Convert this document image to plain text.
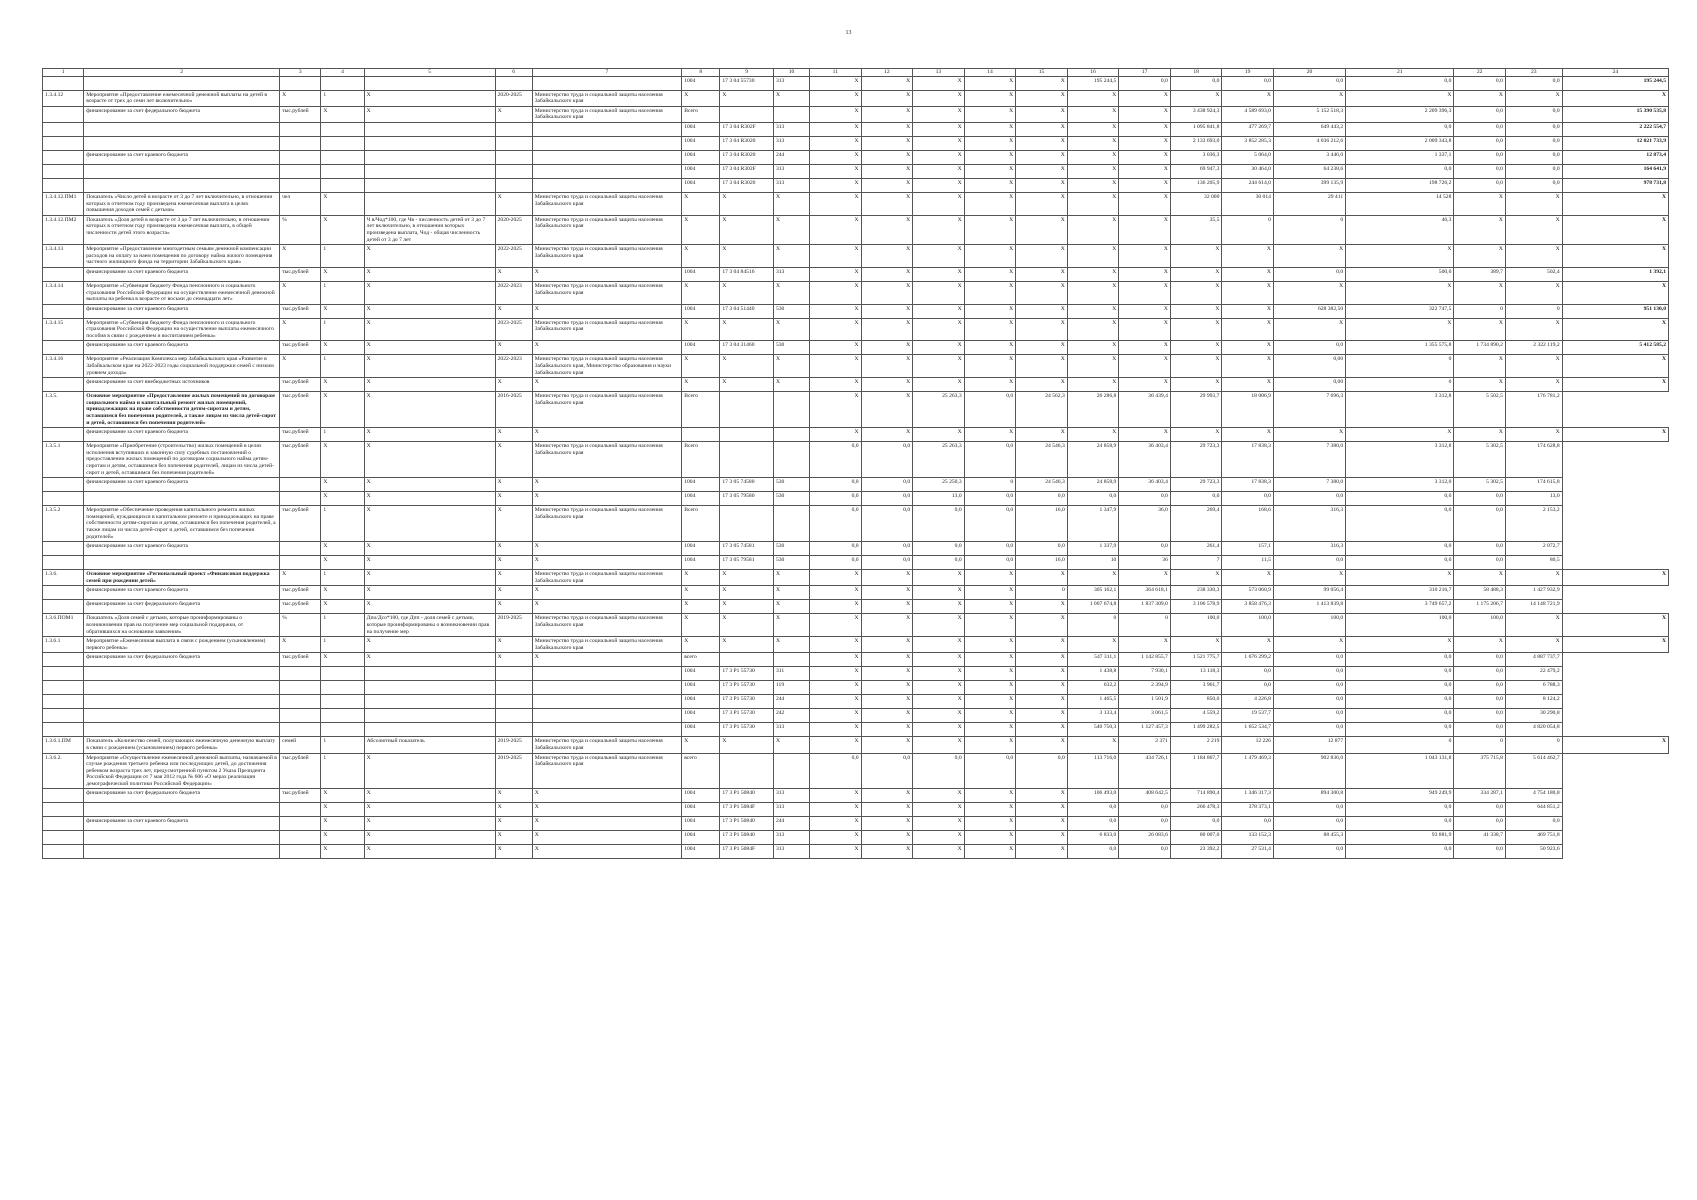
13
1	2	3	4	5	6	7	8	9	10	11	12	13	14	15	16	17	18	19	20	21	22	23	24
							1004	17 3 04 55730	313	X	X	X	X	X	195 244,5	0,0	0,0	0,0	0,0	0,0	0,0	0,0	195 244,5
1.3.4.12	Мероприятие «Предоставление ежемесячной денежной выплаты на детей в возрасте от трех до семи лет включительно»	X	1	X	2020-2025	Министерство труда и социальной защиты населения Забайкальского края	X	X	X	X	X	X	X	X	X	X	X	X	X	X	X	X	X
	финансирование за счет федерального бюджета	тыс.рублей	X	X	X	Министерство труда и социальной защиты населения Забайкальского края	Всего			X	X	X	X	X	X	X	3 438 924,3	4 589 693,0	5 152 518,3	2 209 396,3	0,0	0,0	15 390 535,8
							1004	17 3 04 R302F	313	X	X	X	X	X	X	X	1 095 841,8	477 269,7	649 443,2	0,0	0,0	0,0	2 222 554,7
							1004	17 3 04 R3020	313	X	X	X	X	X	X	X	2 133 693,0	3 852 285,3	4 036 212,6	2 009 343,8	0,0	0,0	12 021 733,9
	финансирование за счет краевого бюджета						1004	17 3 04 R3020	244	X	X	X	X	X	X	X	3 036,3	5 064,0	3 446,0	1 337,1	0,0	0,0	12 873,4
							1004	17 3 04 R302F	313	X	X	X	X	X	X	X	69 947,3	30 464,0	64 238,6	0,0	0,0	0,0	164 641,9
							1004	17 3 04 R3020	313	X	X	X	X	X	X	X	136 205,9	244 614,0	399 135,9	198 726,2	0,0	0,0	978 731,8
1.3.4.12.ПМ1	Показатель «Число детей в возрасте от 3 до 7 лет включительно, в отношении которых в отчетном году произведена ежемесячная выплата в целях повышения доходов семей с детьми»	чел	X		X	Министерство труда и социальной защиты населения Забайкальского края	X	X	X	X	X	X	X	X	X	X	32 000	30 014	29 411	14 528	X	X	X
1.3.4.12.ПМ2	Показатель «Доля детей в возрасте от 3 до 7 лет включительно, в отношении которых в отчетном году произведена ежемесячная выплата, в общей численности детей этого возраста»	%	X	Ч в/Чод*100, где Чв - численность детей от 3 до 7 лет включительно, в отношении которых произведена выплата, Чод - общая численность детей от 3 до 7 лет	2020-2025	Министерство труда и социальной защиты населения Забайкальского края	X	X	X	X	X	X	X	X	X	X	35,5	0	0	46,3	X	X	X
1.3.4.13	Мероприятие «Предоставление многодетным семьям денежной компенсации расходов на оплату за наем помещения по договору найма жилого помещения частного жилищного фонда на территории Забайкальского края»	X	1	X	2022-2025	Министерство труда и социальной защиты населения Забайкальского края	X	X	X	X	X	X	X	X	X	X	X	X	X	X	X	X	X
	финансирование за счет краевого бюджета	тыс.рублей	X	X	X	X	1004	17 3 04 84516	313	X	X	X	X	X	X	X	X	X	0,0	500,0	389,7	502,4	1 392,1
1.3.4.14	Мероприятие «Субвенция бюджету Фонда пенсионного и социального страхования Российской Федерации на осуществление ежемесячной денежной выплаты на ребенка в возрасте от восьми до семнадцати лет»	X	1	X	2022-2023	Министерство труда и социальной защиты населения Забайкальского края	X	X	X	X	X	X	X	X	X	X	X	X	X	X	X	X	X
	финансирование за счет краевого бюджета	тыс.рублей	X	X	X	X	1004	17 3 04 51440	530	X	X	X	X	X	X	X	X	X	628 382,50	322 747,5	0	0	951 130,0
1.3.4.15	Мероприятие «Субвенция бюджету Фонда пенсионного и социального страхования Российской Федерации на осуществление выплаты ежемесячного пособия в связи с рождением и воспитанием ребенка»	X	1	X	2023-2025	Министерство труда и социальной защиты населения Забайкальского края	X	X	X	X	X	X	X	X	X	X	X	X	X	X	X	X	X
	финансирование за счет краевого бюджета	тыс.рублей	X	X	X	X	1004	17 3 04 31460	530	X	X	X	X	X	X	X	X	X	0,0	1 355 575,8	1 734 890,2	2 322 119,2	5 412 585,2
1.3.4.16	Мероприятие «Реализация Комплекса мер Забайкальского края «Развитие в Забайкальском крае на 2022-2023 годы социальной поддержки семей с низким уровнем дохода»	X	1	X	2022-2023	Министерство труда и социальной защиты населения Забайкальского края, Министерство образования и науки Забайкальского края	X	X	X	X	X	X	X	X	X	X	X	X	0,00	0	X	X	X
	финансирование за счет внебюджетных источников	тыс.рублей	X	X	X	X	X	X	X	X	X	X	X	X	X	X	X	X	0,00	0	X	X	X
1.3.5.	Основное мероприятие «Предоставление жилых помещений по договорам социального найма и капитальный ремонт жилых помещений, принадлежащих на праве собственности детям-сиротам и детям, оставшимся без попечения родителей, а также лицам из числа детей-сирот и детей, оставшимся без попечения родителей»	тыс.рублей	X	X	2016-2025	Министерство труда и социальной защиты населения Забайкальского края	Всего			X	X	25 263,3	0,0	24 562,3	26 286,8	36 439,4	29 993,7	18 006,9	7 696,3	3 312,8	5 502,5	176 781,2	
	финансирование за счет краевого бюджета	тыс.рублей	1	X	X	X				X	X	X	X	X	X	X	X	X	X	X	X	X	X
1.3.5.1	Мероприятие «Приобретение (строительство) жилых помещений в целях исполнения вступивших в законную силу судебных постановлений о предоставлении жилых помещений по договорам социального найма детям-сиротам и детям, оставшимся без попечения родителей, лицам из числа детей-сирот и детей, оставшимся без попечения родителей»	тыс.рублей	X	X	X	Министерство труда и социальной защиты населения Забайкальского края	Всего			0,0	0,0	25 263,3	0,0	24 546,3	24 858,9	36 403,4	29 723,3	17 838,3	7 380,0	3 312,8	5 302,5	174 628,8	
	финансирование за счет краевого бюджета		X	X	X	X	1004	17 3 05 74580	530	0,0	0,0	25 250,3	0	24 546,3	24 858,9	36 403,4	29 723,3	17 838,3	7 380,0	3 312,0	5 302,5	174 615,8	
			X	X	X	X	1004	17 3 05 79580	530	0,0	0,0	13,0	0,0	0,0	0,0	0,0	0,0	0,0	0,0	0,0	0,0	13,0	
1.3.5.2	Мероприятие «Обеспечение проведения капитального ремонта жилых помещений, нуждающихся в капитальном ремонте и принадлежащих на праве собственности детям-сиротам и детям, оставшимся без попечения родителей, а также лицам из числа детей-сирот и детей, оставшимся без попечения родителей»	тыс.рублей	1	X	X	Министерство труда и социальной защиты населения Забайкальского края	Всего			0,0	0,0	0,0	0,0	16,0	1 347,9	36,0	269,4	168,6	316,3	0,0	0,0	2 153,2	
	финансирование за счет краевого бюджета		X	X	X	X	1004	17 3 05 74581	530	0,0	0,0	0,0	0,0	0,0	1 337,9	0,0	261,4	157,1	316,3	0,0	0,0	2 072,7	
			X	X	X	X	1004	17 3 05 79581	530	0,0	0,0	0,0	0,0	16,0	10	36	7	11,5	0,0	0,0	0,0	80,5	
1.3.6.	Основное мероприятие «Региональный проект «Финансовая поддержка семей при рождении детей»	X	1	X	X	Министерство труда и социальной защиты населения Забайкальского края	X	X	X	X	X	X	X	X	X	X	X	X	X	X	X	X	X
	финансирование за счет краевого бюджета	тыс.рублей	X	X	X	X	X	X	X	X	X	X	X	0	305 162,1	364 618,1	238 330,3	573 060,9	99 056,4	310 216,7	58 488,3	1 427 932,9	
	финансирование за счет федерального бюджета	тыс.рублей	X	X	X	X	X	X	X	X	X	X	X	X	1 007 674,8	1 837 309,0	3 106 578,9	3 858 476,3	1 413 839,8	3 749 657,2	1 175 206,7	14 148 721,9	
1.3.6.ПОМ1	Показатель «Доля семей с детьми, которые проинформированы о возникновении прав на получение мер социальной поддержки, от обратившихся на основании заявления»	%	1	Дпо/Дсо*100, где Дпп - доля семей с детьми, которые проинформированы о возникновении прав на получение мер	2019-2025	Министерство труда и социальной защиты населения Забайкальского края	X	X	X	X	X	X	X	X	0	0	100,0	100,0	100,0	100,0	100,0	X	X
1.3.6.1	Мероприятие «Ежемесячная выплата в связи с рождением (усыновлением) первого ребенка»	X	1	X	X	Министерство труда и социальной защиты населения Забайкальского края	X	X	X	X	X	X	X	X	X	X	X	X	X	X	X	X	X
	финансирование за счет федерального бюджета	тыс.рублей	X	X	X	X	всего			X	X	X	X	X	547 311,1	1 142 855,7	1 521 775,7	1 676 299,2	0,0	0,0	0,0	4 887 737,7	
							1004	17 3 P1 55730	311	X	X	X	X	X	1 438,8	7 930,1	13 118,3	0,0	0,0	0,0	0,0	22 479,2	
							1004	17 3 P1 55730	119	X	X	X	X	X	632,2	2 394,9	3 961,7	0,0	0,0	0,0	0,0	6 788,3	
							1004	17 3 P1 55730	244	X	X	X	X	X	1 465,5	1 501,9	850,0	4 226,8	0,0	0,0	0,0	8 124,2	
							1004	17 3 P1 55730	242	X	X	X	X	X	3 133,4	3 061,5	4 559,2	19 537,7	0,0	0,0	0,0	30 290,8	
							1004	17 3 P1 55730	313	X	X	X	X	X	540 750,3	1 127 457,3	1 499 282,5	1 652 534,7	0,0	0,0	0,0	4 820 054,8	
1.3.6.1.ПМ	Показатель «Количество семей, получающих ежемесячную денежную выплату в связи с рождением (усыновлением) первого ребенка»	семей	1	Абсолютный показатель	2019-2025	Министерство труда и социальной защиты населения Забайкальского края	X	X	X	X	X	X	X	X	X	2 371	2 219	12 226	12 877	0	0	0	X
1.3.6.2.	Мероприятие «Осуществление ежемесячной денежной выплаты, назначаемой в случае рождения третьего ребенка или последующих детей, до достижения ребенком возраста трех лет, предусмотренной пунктом 2 Указа Президента Российской Федерации от 7 мая 2012 года № 606 «О мерах реализации демографической политики Российской Федерации»	тыс.рублей	1	X	2019-2025	Министерство труда и социальной защиты населения Забайкальского края	всего			0,0	0,0	0,0	0,0	0,0	113 716,0	434 726,1	1 184 867,7	1 479 469,3	902 836,0	1 043 131,8	375 715,8	5 614 462,7	
	финансирование за счет федерального бюджета	тыс.рублей	X	X	X	X	1004	17 3 P1 50840	313	X	X	X	X	X	106 493,0	408 642,5	714 890,4	1 346 317,3	894 300,8	949 249,9	334 287,1	4 754 180,8	
			X	X	X	X	1004	17 3 P1 5084F	313	X	X	X	X	X	0,0	0,0	266 478,3	378 373,1	0,0	0,0	0,0	644 851,2	
	финансирование за счет краевого бюджета		X	X	X	X	1004	17 3 P1 50840	244	X	X	X	X	X	0,0	0,0	0,0	0,0	0,0	0,0	0,0	0,0	
			X	X	X	X	1004	17 3 P1 50840	313	X	X	X	X	X	6 833,0	26 083,6	80 007,0	133 152,3	88 455,3	93 881,9	41 338,7	469 751,8	
			X	X	X	X	1004	17 3 P1 5084F	313	X	X	X	X	X	0,0	0,0	23 392,2	27 531,4	0,0	0,0	0,0	50 923,6	
